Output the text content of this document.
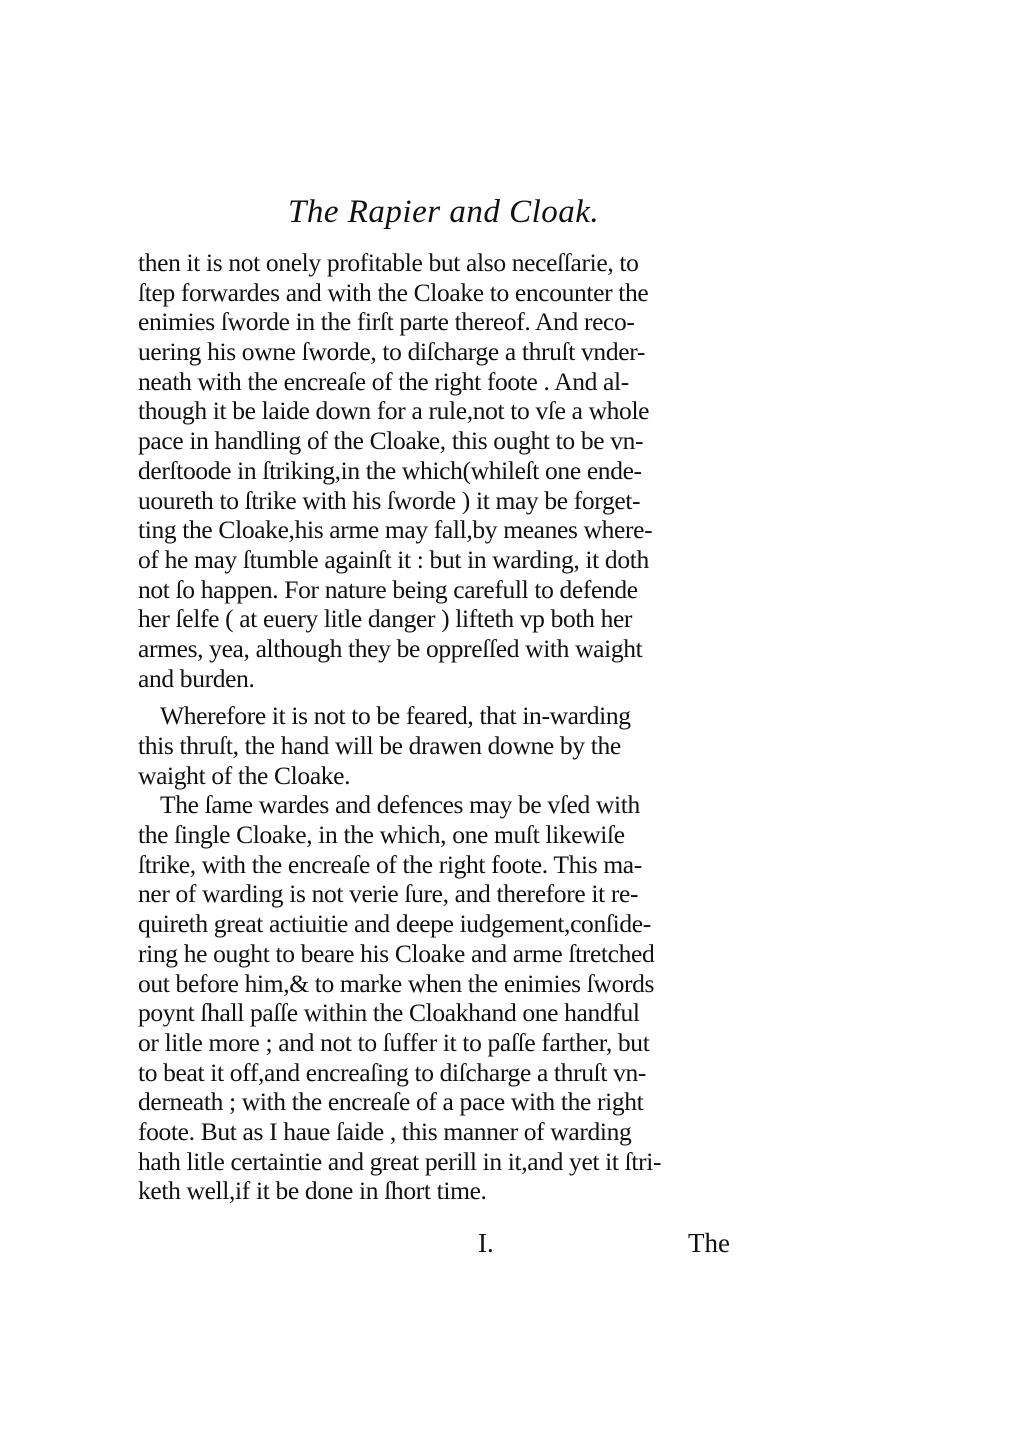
The Rapier and Cloak.
then it is not onely profitable but also neceſſarie, to
ſtep forwardes and with the Cloake to encounter the
enimies ſworde in the firſt parte thereof. And reco-
uering his owne ſworde, to diſcharge a thruſt vnder-
neath with the encreaſe of the right foote . And al-
though it be laide down for a rule,not to vſe a whole
pace in handling of the Cloake, this ought to be vn-
derſtoode in ſtriking,in the which(whileſt one ende-
uoureth to ſtrike with his ſworde ) it may be forget-
ting the Cloake,his arme may fall,by meanes where-
of he may ſtumble againſt it : but in warding, it doth
not ſo happen. For nature being carefull to defende
her ſelfe ( at euery litle danger ) lifteth vp both her
armes, yea, although they be oppreſſed with waight
and burden.
Wherefore it is not to be feared, that in-warding
this thruſt, the hand will be drawen downe by the
waight of the Cloake.
The ſame wardes and defences may be vſed with
the ſingle Cloake, in the which, one muſt likewiſe
ſtrike, with the encreaſe of the right foote. This ma-
ner of warding is not verie ſure, and therefore it re-
quireth great actiuitie and deepe iudgement,conſide-
ring he ought to beare his Cloake and arme ſtretched
out before him,& to marke when the enimies ſwords
poynt ſhall paſſe within the Cloakhand one handful
or litle more ; and not to ſuffer it to paſſe farther, but
to beat it off,and encreaſing to diſcharge a thruſt vn-
derneath ; with the encreaſe of a pace with the right
foote. But as I haue ſaide , this manner of warding
hath litle certaintie and great perill in it,and yet it ſtri-
keth well,if it be done in ſhort time.
I.	The
